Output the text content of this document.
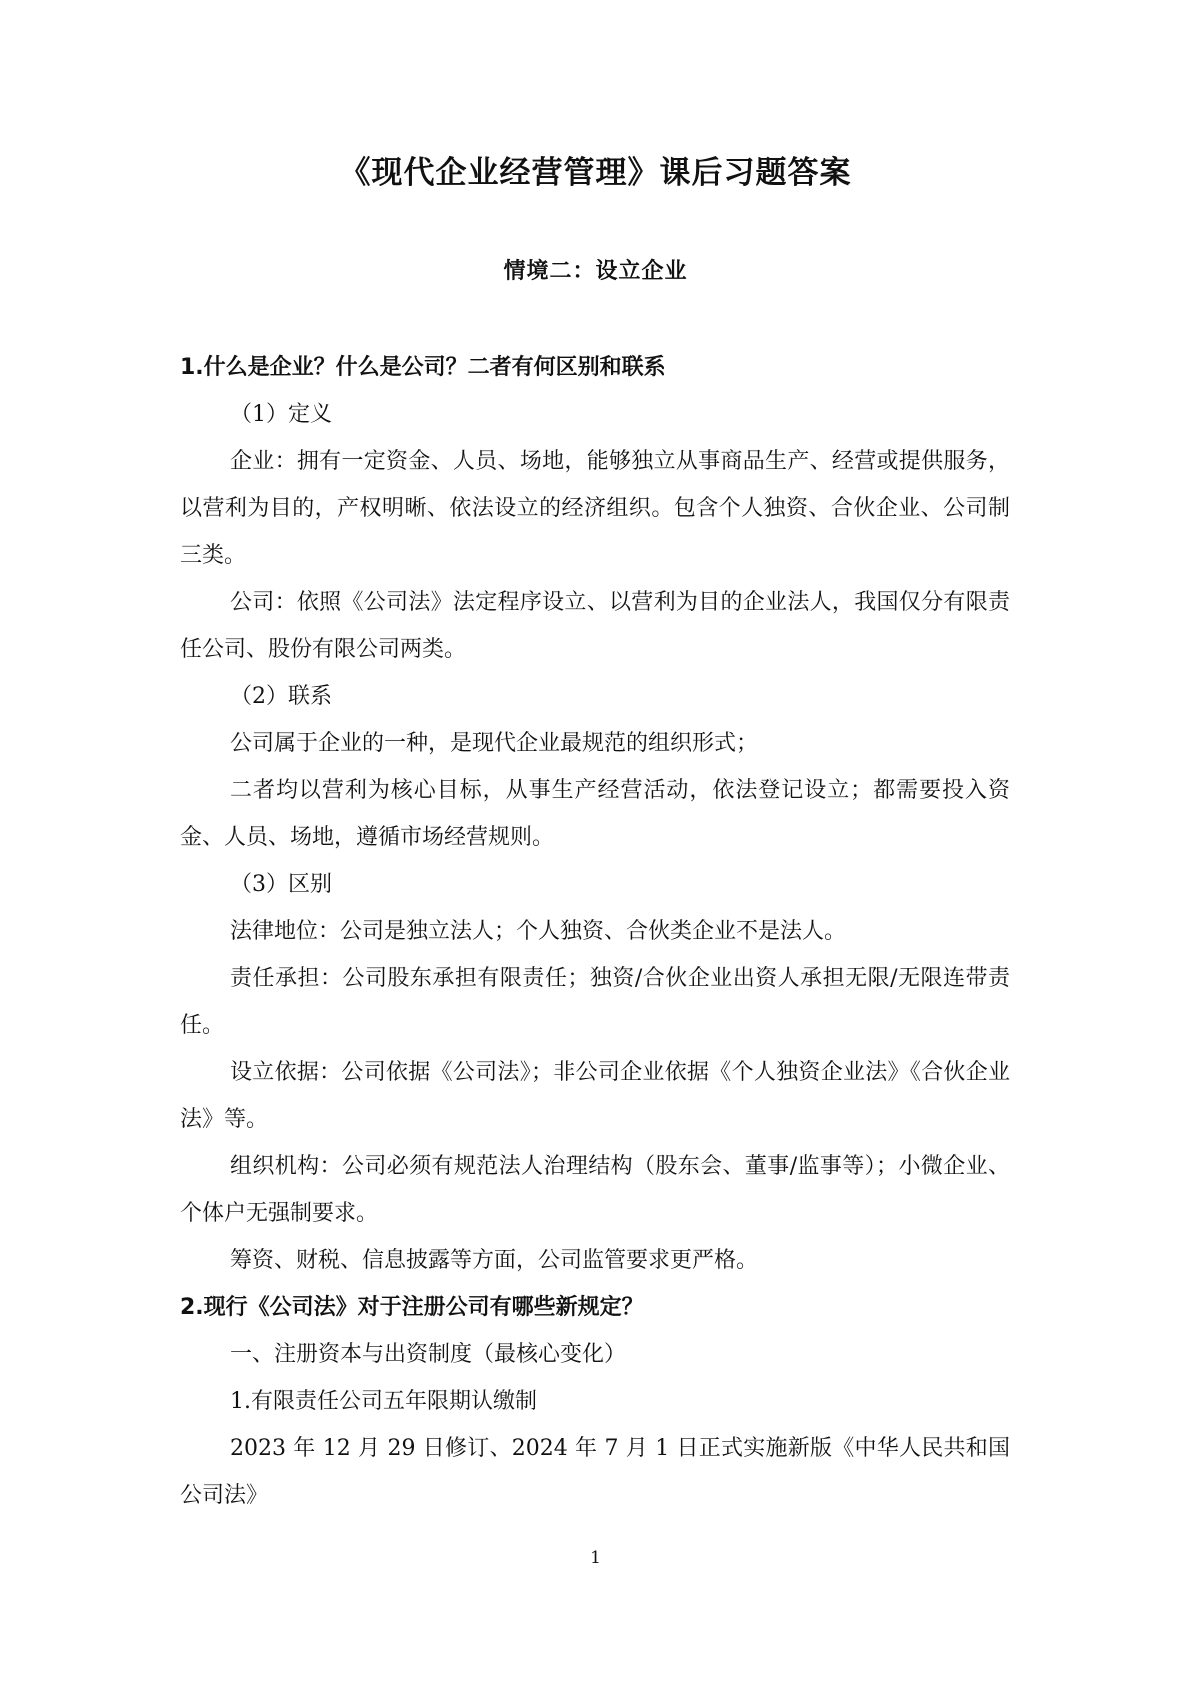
《现代企业经营管理》课后习题答案
情境二：设立企业

1.什么是企业？什么是公司？二者有何区别和联系

（1）定义

企业：拥有一定资金、人员、场地，能够独立从事商品生产、经营或提供服务，以营利为目的，产权明晰、依法设立的经济组织。包含个人独资、合伙企业、公司制三类。

公司：依照《公司法》法定程序设立、以营利为目的企业法人，我国仅分有限责任公司、股份有限公司两类。

（2）联系

公司属于企业的一种，是现代企业最规范的组织形式；

二者均以营利为核心目标，从事生产经营活动，依法登记设立；都需要投入资金、人员、场地，遵循市场经营规则。

（3）区别

法律地位：公司是独立法人；个人独资、合伙类企业不是法人。

责任承担：公司股东承担有限责任；独资/合伙企业出资人承担无限/无限连带责任。

设立依据：公司依据《公司法》；非公司企业依据《个人独资企业法》《合伙企业法》等。

组织机构：公司必须有规范法人治理结构（股东会、董事/监事等）；小微企业、个体户无强制要求。

筹资、财税、信息披露等方面，公司监管要求更严格。

2.现行《公司法》对于注册公司有哪些新规定？

一、注册资本与出资制度（最核心变化）

1.有限责任公司五年限期认缴制

2023 年 12 月 29 日修订、2024 年 7 月 1 日正式实施新版《中华人民共和国公司法》

1
